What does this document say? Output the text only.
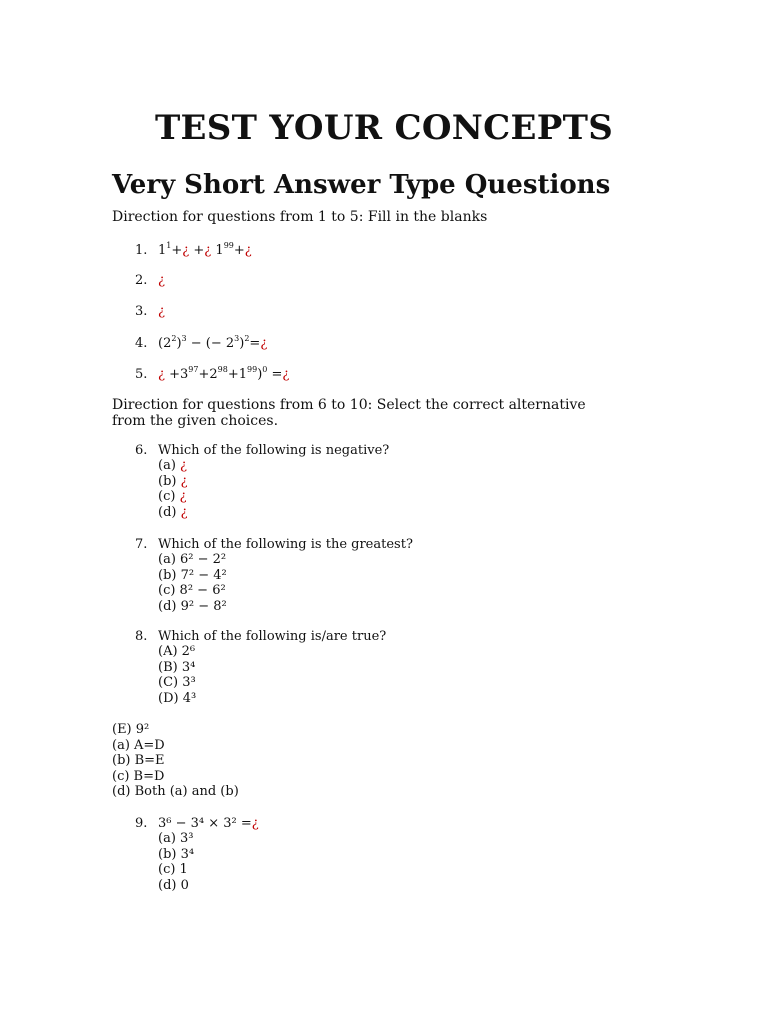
TEST YOUR CONCEPTS
Very Short Answer Type Questions
Direction for questions from 1 to 5: Fill in the blanks
1. $1^1+¿$ +¿ $1^{99}+¿$
2. ¿
3. ¿
4. $(2^2)^3$ − (− $2^3)^2=¿$
5. ¿ $+3^{97}+2^{98}+1^{99})^0$ =¿
Direction for questions from 6 to 10: Select the correct alternative from the given choices.
6. Which of the following is negative?
(a) ¿
(b) ¿
(c) ¿
(d) ¿
7. Which of the following is the greatest?
(a) 6² − 2²
(b) 7² − 4²
(c) 8² − 6²
(d) 9² − 8²
8. Which of the following is/are true?
(A) 2⁶
(B) 3⁴
(C) 3³
(D) 4³
(E) 9²
(a) A=D
(b) B=E
(c) B=D
(d) Both (a) and (b)
9. 3⁶ − 3⁴ × 3² =¿
(a) 3³
(b) 3⁴
(c) 1
(d) 0
